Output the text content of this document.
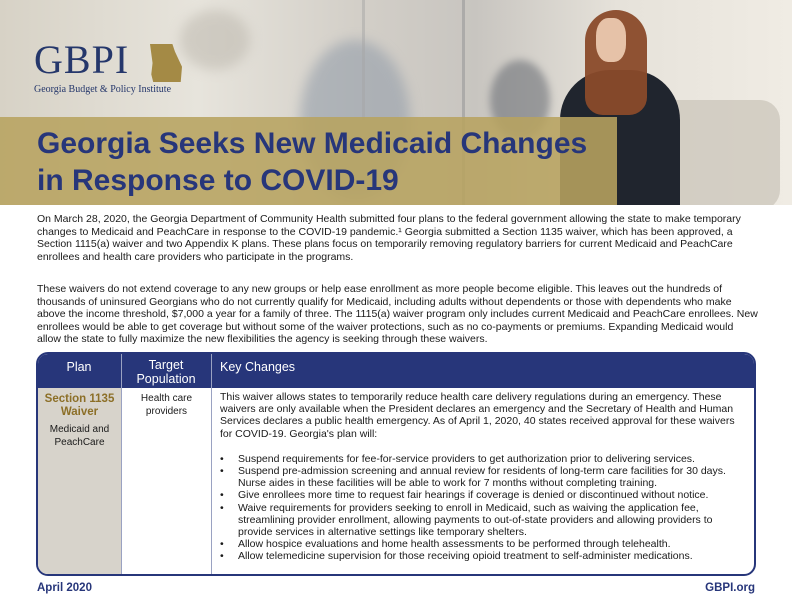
GBPI
Georgia Budget & Policy Institute
Georgia Seeks New Medicaid Changes in Response to COVID-19

On March 28, 2020, the Georgia Department of Community Health submitted four plans to the federal government allowing the state to make temporary changes to Medicaid and PeachCare in response to the COVID-19 pandemic.¹ Georgia submitted a Section 1135 waiver, which has been approved, a Section 1115(a) waiver and two Appendix K plans. These plans focus on temporarily removing regulatory barriers for current Medicaid and PeachCare enrollees and health care providers who participate in the programs.

These waivers do not extend coverage to any new groups or help ease enrollment as more people become eligible. This leaves out the hundreds of thousands of uninsured Georgians who do not currently qualify for Medicaid, including adults without dependents or those with dependents who make above the income threshold, $7,000 a year for a family of three. The 1115(a) waiver program only includes current Medicaid and PeachCare enrollees. New enrollees would be able to get coverage but without some of the waiver protections, such as no co-payments or premiums. Expanding Medicaid would allow the state to fully maximize the new flexibilities the agency is seeking through these waivers.

Plan	Target Population
Key Changes
Section 1135 Waiver
Medicaid and PeachCare
Health care providers

This waiver allows states to temporarily reduce health care delivery regulations during an emergency. These waivers are only available when the President declares an emergency and the Secretary of Health and Human Services declares a public health emergency. As of April 1, 2020, 40 states received approval for these waivers for COVID-19. Georgia's plan will:

• Suspend requirements for fee-for-service providers to get authorization prior to delivering services.
• Suspend pre-admission screening and annual review for residents of long-term care facilities for 30 days. Nurse aides in these facilities will be able to work for 7 months without completing training.
• Give enrollees more time to request fair hearings if coverage is denied or discontinued without notice.
• Waive requirements for providers seeking to enroll in Medicaid, such as waiving the application fee, streamlining provider enrollment, allowing payments to out-of-state providers and allowing providers to provide services in alternative settings like temporary shelters.
• Allow hospice evaluations and home health assessments to be performed through telehealth.
• Allow telemedicine supervision for those receiving opioid treatment to self-administer medications.
April 2020	GBPI.org
